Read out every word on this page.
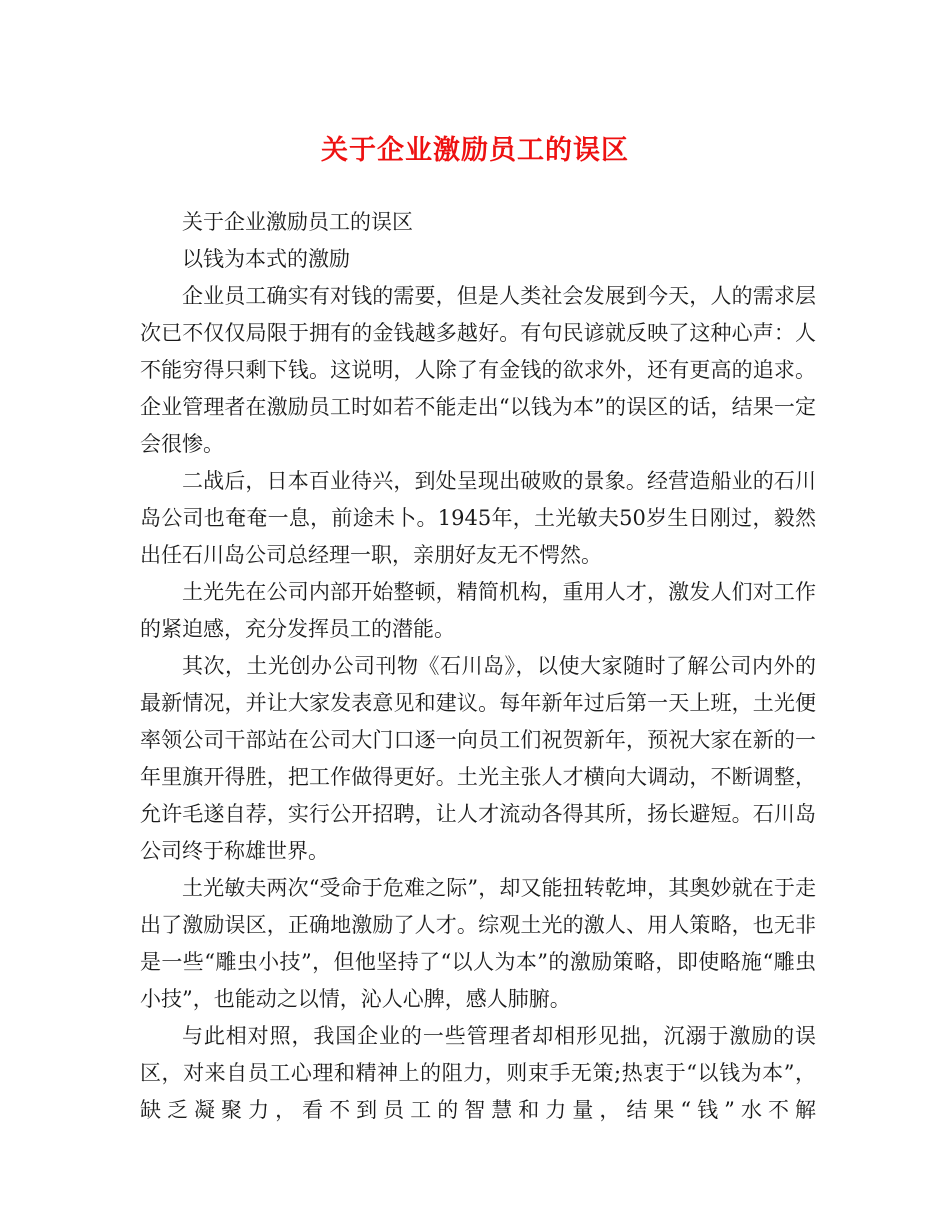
关于企业激励员工的误区

关于企业激励员工的误区

以钱为本式的激励

企业员工确实有对钱的需要，但是人类社会发展到今天，人的需求层次已不仅仅局限于拥有的金钱越多越好。有句民谚就反映了这种心声：人不能穷得只剩下钱。这说明，人除了有金钱的欲求外，还有更高的追求。企业管理者在激励员工时如若不能走出“以钱为本”的误区的话，结果一定会很惨。

二战后，日本百业待兴，到处呈现出破败的景象。经营造船业的石川岛公司也奄奄一息，前途未卜。1945年，土光敏夫50岁生日刚过，毅然出任石川岛公司总经理一职，亲朋好友无不愕然。

土光先在公司内部开始整顿，精简机构，重用人才，激发人们对工作的紧迫感，充分发挥员工的潜能。

其次，土光创办公司刊物《石川岛》，以使大家随时了解公司内外的最新情况，并让大家发表意见和建议。每年新年过后第一天上班，土光便率领公司干部站在公司大门口逐一向员工们祝贺新年，预祝大家在新的一年里旗开得胜，把工作做得更好。土光主张人才横向大调动，不断调整，允许毛遂自荐，实行公开招聘，让人才流动各得其所，扬长避短。石川岛公司终于称雄世界。

土光敏夫两次“受命于危难之际”，却又能扭转乾坤，其奥妙就在于走出了激励误区，正确地激励了人才。综观土光的激人、用人策略，也无非是一些“雕虫小技”，但他坚持了“以人为本”的激励策略，即使略施“雕虫小技”，也能动之以情，沁人心脾，感人肺腑。

与此相对照，我国企业的一些管理者却相形见拙，沉溺于激励的误区，对来自员工心理和精神上的阻力，则束手无策;热衷于“以钱为本”，缺乏凝聚力，看不到员工的智慧和力量，结果“钱”水不解
